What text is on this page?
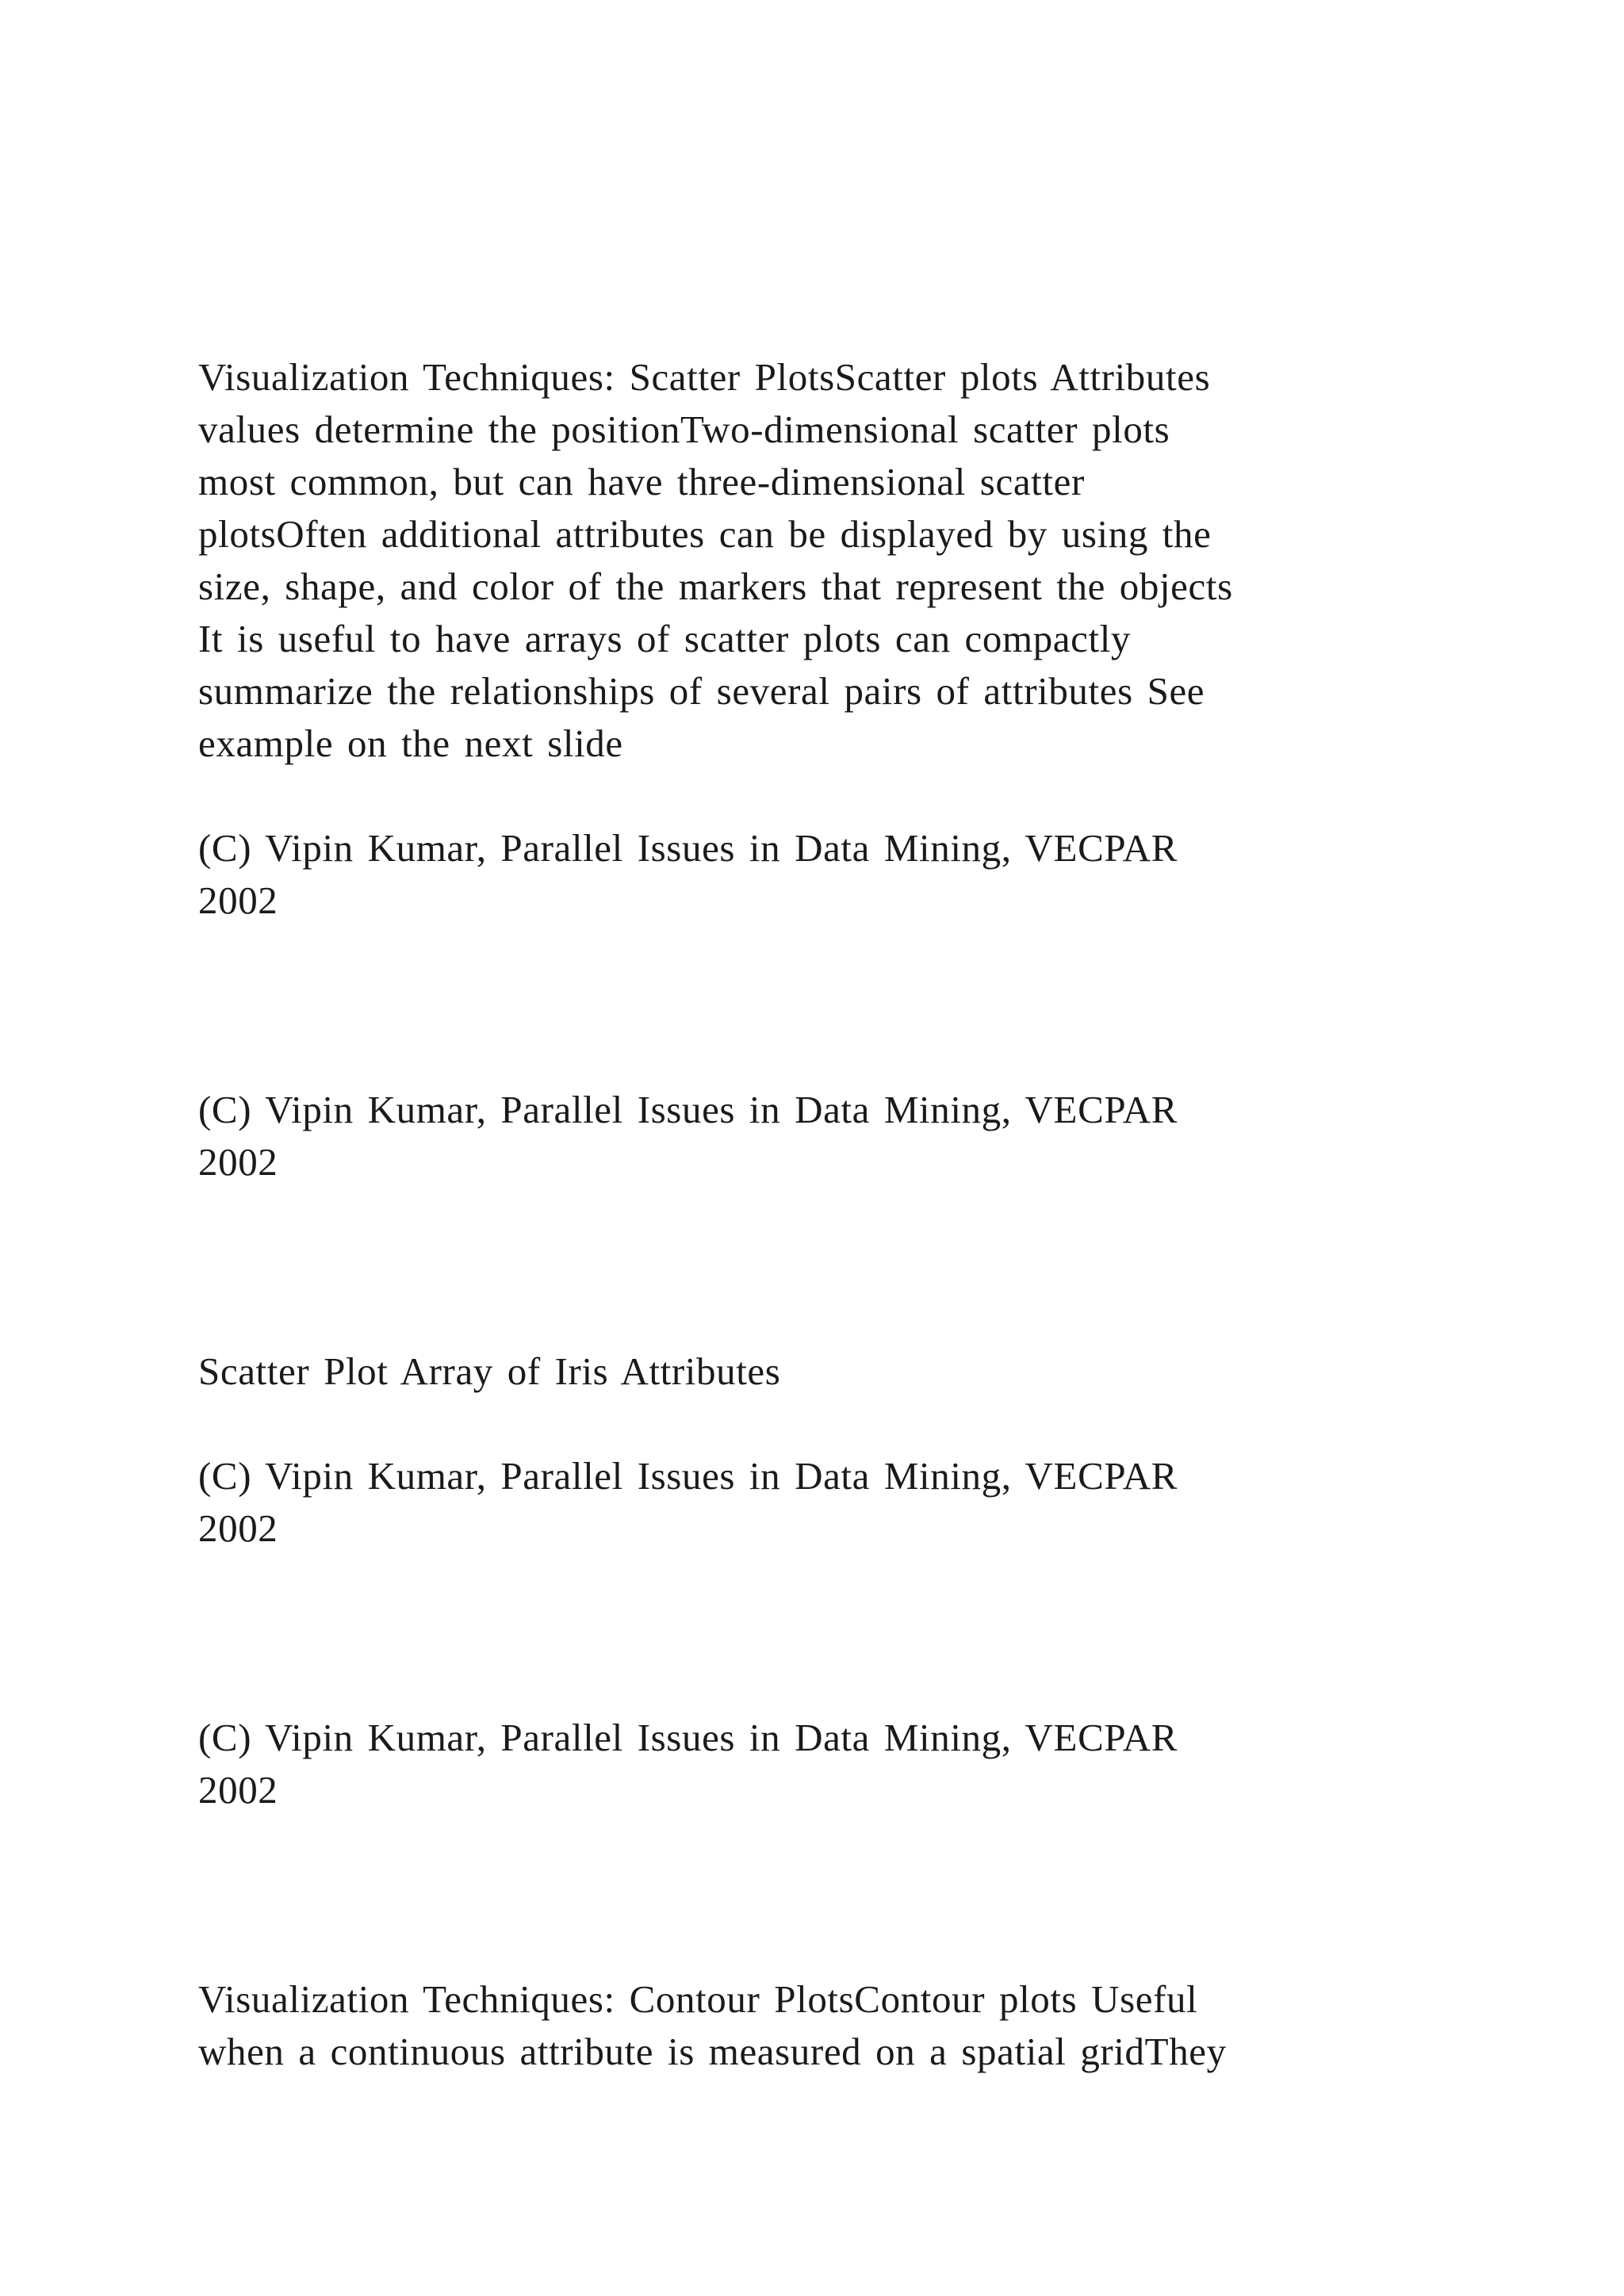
Visualization Techniques: Scatter PlotsScatter plots Attributes
values determine the positionTwo-dimensional scatter plots
most common, but can have three-dimensional scatter
plotsOften additional attributes can be displayed by using the
size, shape, and color of the markers that represent the objects
It is useful to have arrays of scatter plots can compactly
summarize the relationships of several pairs of attributes See
example on the next slide
(C) Vipin Kumar, Parallel Issues in Data Mining, VECPAR
2002
(C) Vipin Kumar, Parallel Issues in Data Mining, VECPAR
2002
Scatter Plot Array of Iris Attributes
(C) Vipin Kumar, Parallel Issues in Data Mining, VECPAR
2002
(C) Vipin Kumar, Parallel Issues in Data Mining, VECPAR
2002
Visualization Techniques: Contour PlotsContour plots Useful
when a continuous attribute is measured on a spatial gridThey
